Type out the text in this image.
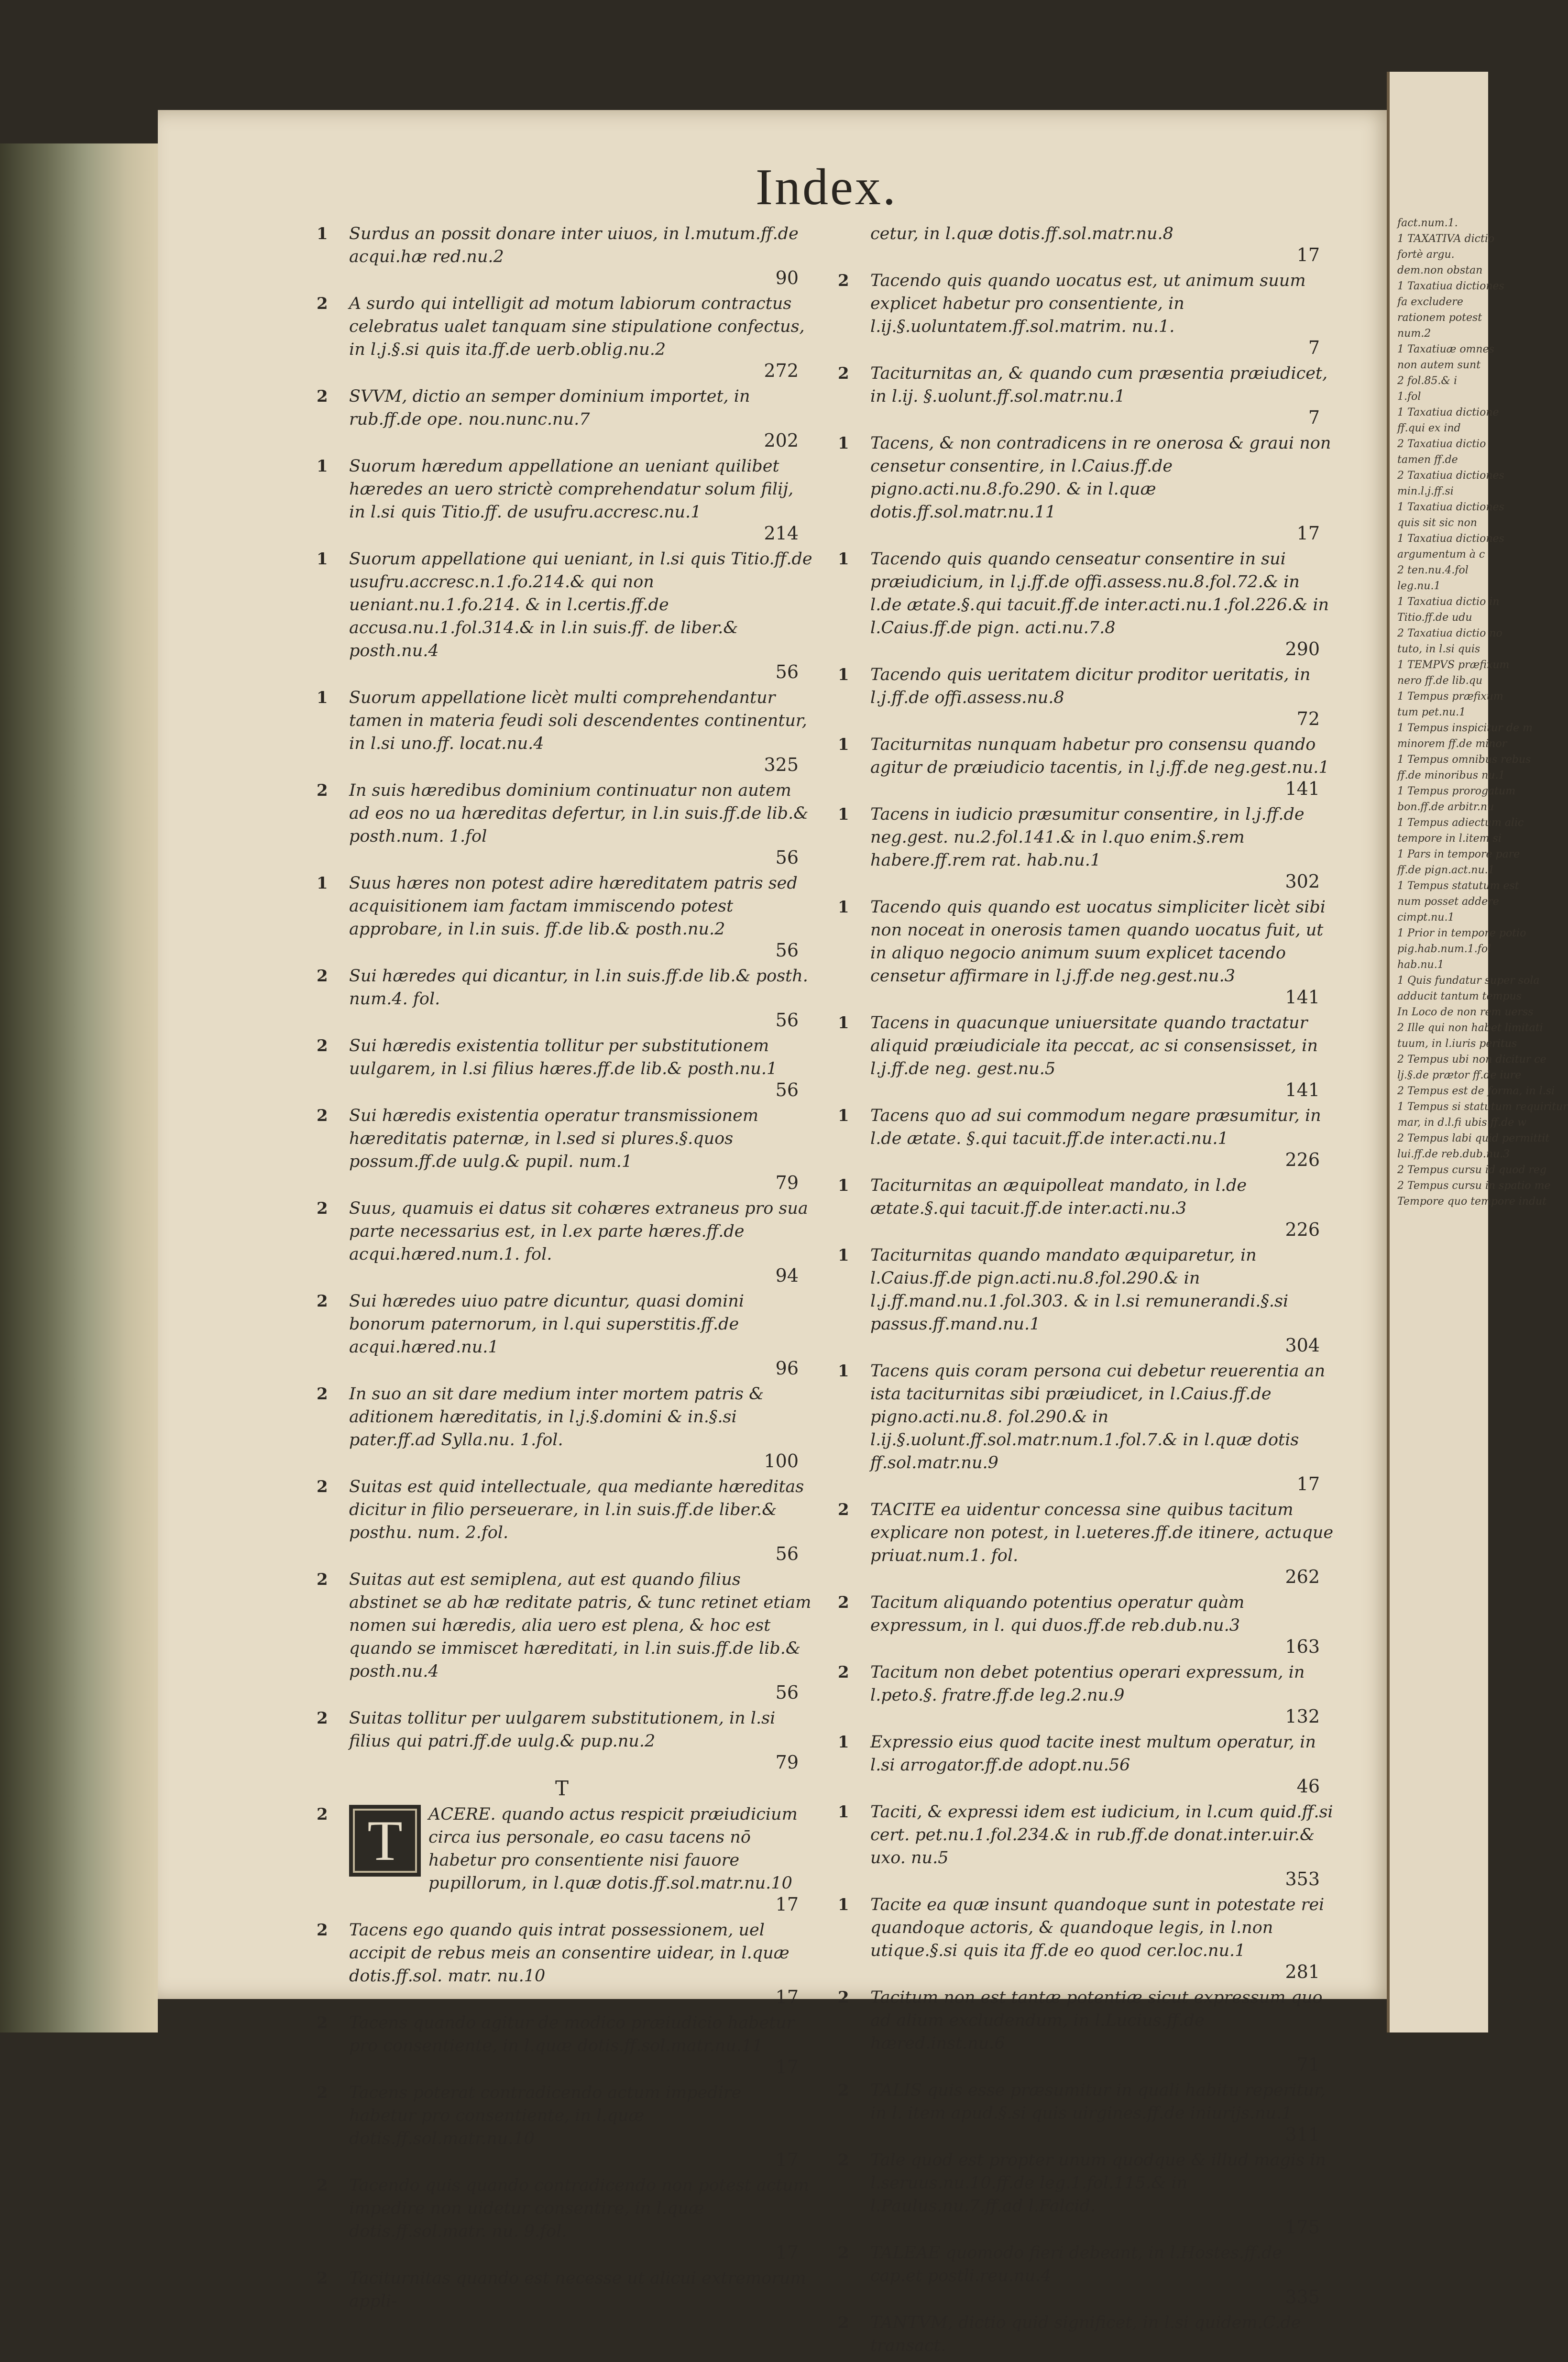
Index.
1 Surdus an possit donare inter uiuos, in l.mutum.ff.de acqui.hæ red.nu.2
90
2 A surdo qui intelligit ad motum labiorum contractus celebratus ualet tanquam sine stipulatione confectus, in l.j.§.si quis ita.ff.de uerb.oblig.nu.2
272
2 SVVM, dictio an semper dominium importet, in rub.ff.de ope. nou.nunc.nu.7
202
1 Suorum hæredum appellatione an ueniant quilibet hæredes an uero strictè comprehendatur solum filij, in l.si quis Titio.ff. de usufru.accresc.nu.1
214
1 Suorum appellatione qui ueniant, in l.si quis Titio.ff.de usufru.accresc.n.1.fo.214.& qui non ueniant.nu.1.fo.214. & in l.certis.ff.de accusa.nu.1.fol.314.& in l.in suis.ff. de liber.& posth.nu.4
56
1 Suorum appellatione licèt multi comprehendantur tamen in materia feudi soli descendentes continentur, in l.si uno.ff. locat.nu.4
325
2 In suis hæredibus dominium continuatur non autem ad eos no ua hæreditas defertur, in l.in suis.ff.de lib.& posth.num. 1.fol
56
1 Suus hæres non potest adire hæreditatem patris sed acquisitionem iam factam immiscendo potest approbare, in l.in suis. ff.de lib.& posth.nu.2
56
2 Sui hæredes qui dicantur, in l.in suis.ff.de lib.& posth. num.4. fol.
56
2 Sui hæredis existentia tollitur per substitutionem uulgarem, in l.si filius hæres.ff.de lib.& posth.nu.1
56
2 Sui hæredis existentia operatur transmissionem hæreditatis paternæ, in l.sed si plures.§.quos possum.ff.de uulg.& pupil. num.1
79
2 Suus, quamuis ei datus sit cohæres extraneus pro sua parte necessarius est, in l.ex parte hæres.ff.de acqui.hæred.num.1. fol.
94
2 Sui hæredes uiuo patre dicuntur, quasi domini bonorum paternorum, in l.qui superstitis.ff.de acqui.hæred.nu.1
96
2 In suo an sit dare medium inter mortem patris & aditionem hæreditatis, in l.j.§.domini & in.§.si pater.ff.ad Sylla.nu. 1.fol.
100
2 Suitas est quid intellectuale, qua mediante hæreditas dicitur in filio perseuerare, in l.in suis.ff.de liber.& posthu. num. 2.fol.
56
2 Suitas aut est semiplena, aut est quando filius abstinet se ab hæ reditate patris, & tunc retinet etiam nomen sui hæredis, alia uero est plena, & hoc est quando se immiscet hæreditati, in l.in suis.ff.de lib.& posth.nu.4
56
2 Suitas tollitur per uulgarem substitutionem, in l.si filius qui patri.ff.de uulg.& pup.nu.2
79
T
2 T	ACERE. quando actus respicit præiudicium circa ius personale, eo casu tacens nō habetur pro consentiente nisi fauore pupillorum, in l.quæ dotis.ff.sol.matr.nu.10
17
2 Tacens ego quando quis intrat possessionem, uel accipit de rebus meis an consentire uidear, in l.quæ dotis.ff.sol. matr. nu.10
17
2 Tacens quando agitur de modico præiudicio habetur pro consentiente, in l.quæ dotis.ff.sol.matr.nu.11
17
2 Tacens poterat contradicendo actum impedire habetur pro consentiente, in l.quæ dotis.ff.sol.matr.nu.10
17
2 Tacendo quis quando contradicendo non potest actum impedire non uidetur consentire, in l.quæ dotis.ff.sol.matr. nu. 9.fol.
17
2 Taciturnitas quando est necesse ut alicui extremorum appli-
cetur, in l.quæ dotis.ff.sol.matr.nu.8
17
2 Tacendo quis quando uocatus est, ut animum suum explicet habetur pro consentiente, in l.ij.§.uoluntatem.ff.sol.matrim. nu.1.
7
2 Taciturnitas an, & quando cum præsentia præiudicet, in l.ij. §.uolunt.ff.sol.matr.nu.1
7
1 Tacens, & non contradicens in re onerosa & graui non censetur consentire, in l.Caius.ff.de pigno.acti.nu.8.fo.290. & in l.quæ dotis.ff.sol.matr.nu.11
17
1 Tacendo quis quando censeatur consentire in sui præiudicium, in l.j.ff.de offi.assess.nu.8.fol.72.& in l.de ætate.§.qui tacuit.ff.de inter.acti.nu.1.fol.226.& in l.Caius.ff.de pign. acti.nu.7.8
290
1 Tacendo quis ueritatem dicitur proditor ueritatis, in l.j.ff.de offi.assess.nu.8
72
1 Taciturnitas nunquam habetur pro consensu quando agitur de præiudicio tacentis, in l.j.ff.de neg.gest.nu.1
141
1 Tacens in iudicio præsumitur consentire, in l.j.ff.de neg.gest. nu.2.fol.141.& in l.quo enim.§.rem habere.ff.rem rat. hab.nu.1
302
1 Tacendo quis quando est uocatus simpliciter licèt sibi non noceat in onerosis tamen quando uocatus fuit, ut in aliquo negocio animum suum explicet tacendo censetur affirmare in l.j.ff.de neg.gest.nu.3
141
1 Tacens in quacunque uniuersitate quando tractatur aliquid præiudiciale ita peccat, ac si consensisset, in l.j.ff.de neg. gest.nu.5
141
1 Tacens quo ad sui commodum negare præsumitur, in l.de ætate. §.qui tacuit.ff.de inter.acti.nu.1
226
1 Taciturnitas an æquipolleat mandato, in l.de ætate.§.qui tacuit.ff.de inter.acti.nu.3
226
1 Taciturnitas quando mandato æquiparetur, in l.Caius.ff.de pign.acti.nu.8.fol.290.& in l.j.ff.mand.nu.1.fol.303. & in l.si remunerandi.§.si passus.ff.mand.nu.1
304
1 Tacens quis coram persona cui debetur reuerentia an ista taciturnitas sibi præiudicet, in l.Caius.ff.de pigno.acti.nu.8. fol.290.& in l.ij.§.uolunt.ff.sol.matr.num.1.fol.7.& in l.quæ dotis ff.sol.matr.nu.9
17
2 TACITE ea uidentur concessa sine quibus tacitum explicare non potest, in l.ueteres.ff.de itinere, actuque priuat.num.1. fol.
262
2 Tacitum aliquando potentius operatur quàm expressum, in l. qui duos.ff.de reb.dub.nu.3
163
2 Tacitum non debet potentius operari expressum, in l.peto.§. fratre.ff.de leg.2.nu.9
132
1 Expressio eius quod tacite inest multum operatur, in l.si arrogator.ff.de adopt.nu.56
46
1 Taciti, & expressi idem est iudicium, in l.cum quid.ff.si cert. pet.nu.1.fol.234.& in rub.ff.de donat.inter.uir.& uxo. nu.5
353
1 Tacite ea quæ insunt quandoque sunt in potestate rei quandoque actoris, & quandoque legis, in l.non utique.§.si quis ita ff.de eo quod cer.loc.nu.1
281
2 Tacitum non est tantæ potentiæ sicut expressum quo ad alium excludendum, in l.Lucius.ff.de hæred.inst.nu.6
71
2 TALIS quis esse præsumitur in quali habitu reperitur, in l. item apud.§.si quis uirgines.ff.de iniurijs.nu.1
311
2 Tale quod est propter unum quodque & illud magis in l.seruus.nu.10.ff.de leg.1.fol.115.& in l.Paulus.nu.7.ff.ad l.Falcid.
175
2 TALEAE quomodo fieri debeant, in l.Hostes.ff.de cap.et postli.reu.nu.4
335
2 TANTVM, dictio quid significet, in l.si quidem.C.de transact.
fact.num.1.
1 TAXATIVA dictio
fortè argu.
dem.non obstan
1 Taxatiua dictiones
fa excludere
rationem potest
num.2
1 Taxatiuæ omnes
non autem sunt
2 fol.85.& i
1.fol
1 Taxatiua dictione
ff.qui ex ind
2 Taxatiua dictio
tamen ff.de
2 Taxatiua dictiones
min.l.j.ff.si
1 Taxatiua dictiones
quis sit sic non
1 Taxatiua dictiones
argumentum à c
2 ten.nu.4.fol
leg.nu.1
1 Taxatiua dictio in
Titio.ff.de udu
2 Taxatiua dictio no
tuto, in l.si quis
1 TEMPVS præfixum
nero ff.de lib.qu
1 Tempus præfixum
tum pet.nu.1
1 Tempus inspicitur de m
minorem ff.de minor
1 Tempus omnibus rebus
ff.de minoribus nu.1
1 Tempus prorogatum
bon.ff.de arbitr.nu
1 Tempus adiectum alic
tempore in l.item si
1 Pars in tempore pare
ff.de pign.act.nu.1
1 Tempus statutum est
num posset addere
cimpt.nu.1
1 Prior in tempore potio
pig.hab.num.1.fol
hab.nu.1
1 Quis fundatur super sola
adducit tantum tempus
In Loco de non rem uerss
2 Ille qui non habet limitati
tuum, in l.iuris peritus
2 Tempus ubi non dicitur ce
lj.§.de prætor ff.de iure
2 Tempus est de forma, in l.si
1 Tempus si statutum requiritur
mar, in d.l.fi ubis.ff.de w
2 Tempus labi quid permittit
lui.ff.de reb.dub.nu.3
2 Tempus cursu id quod reg
2 Tempus cursu in spatio me
Tempore quo tempore indut
